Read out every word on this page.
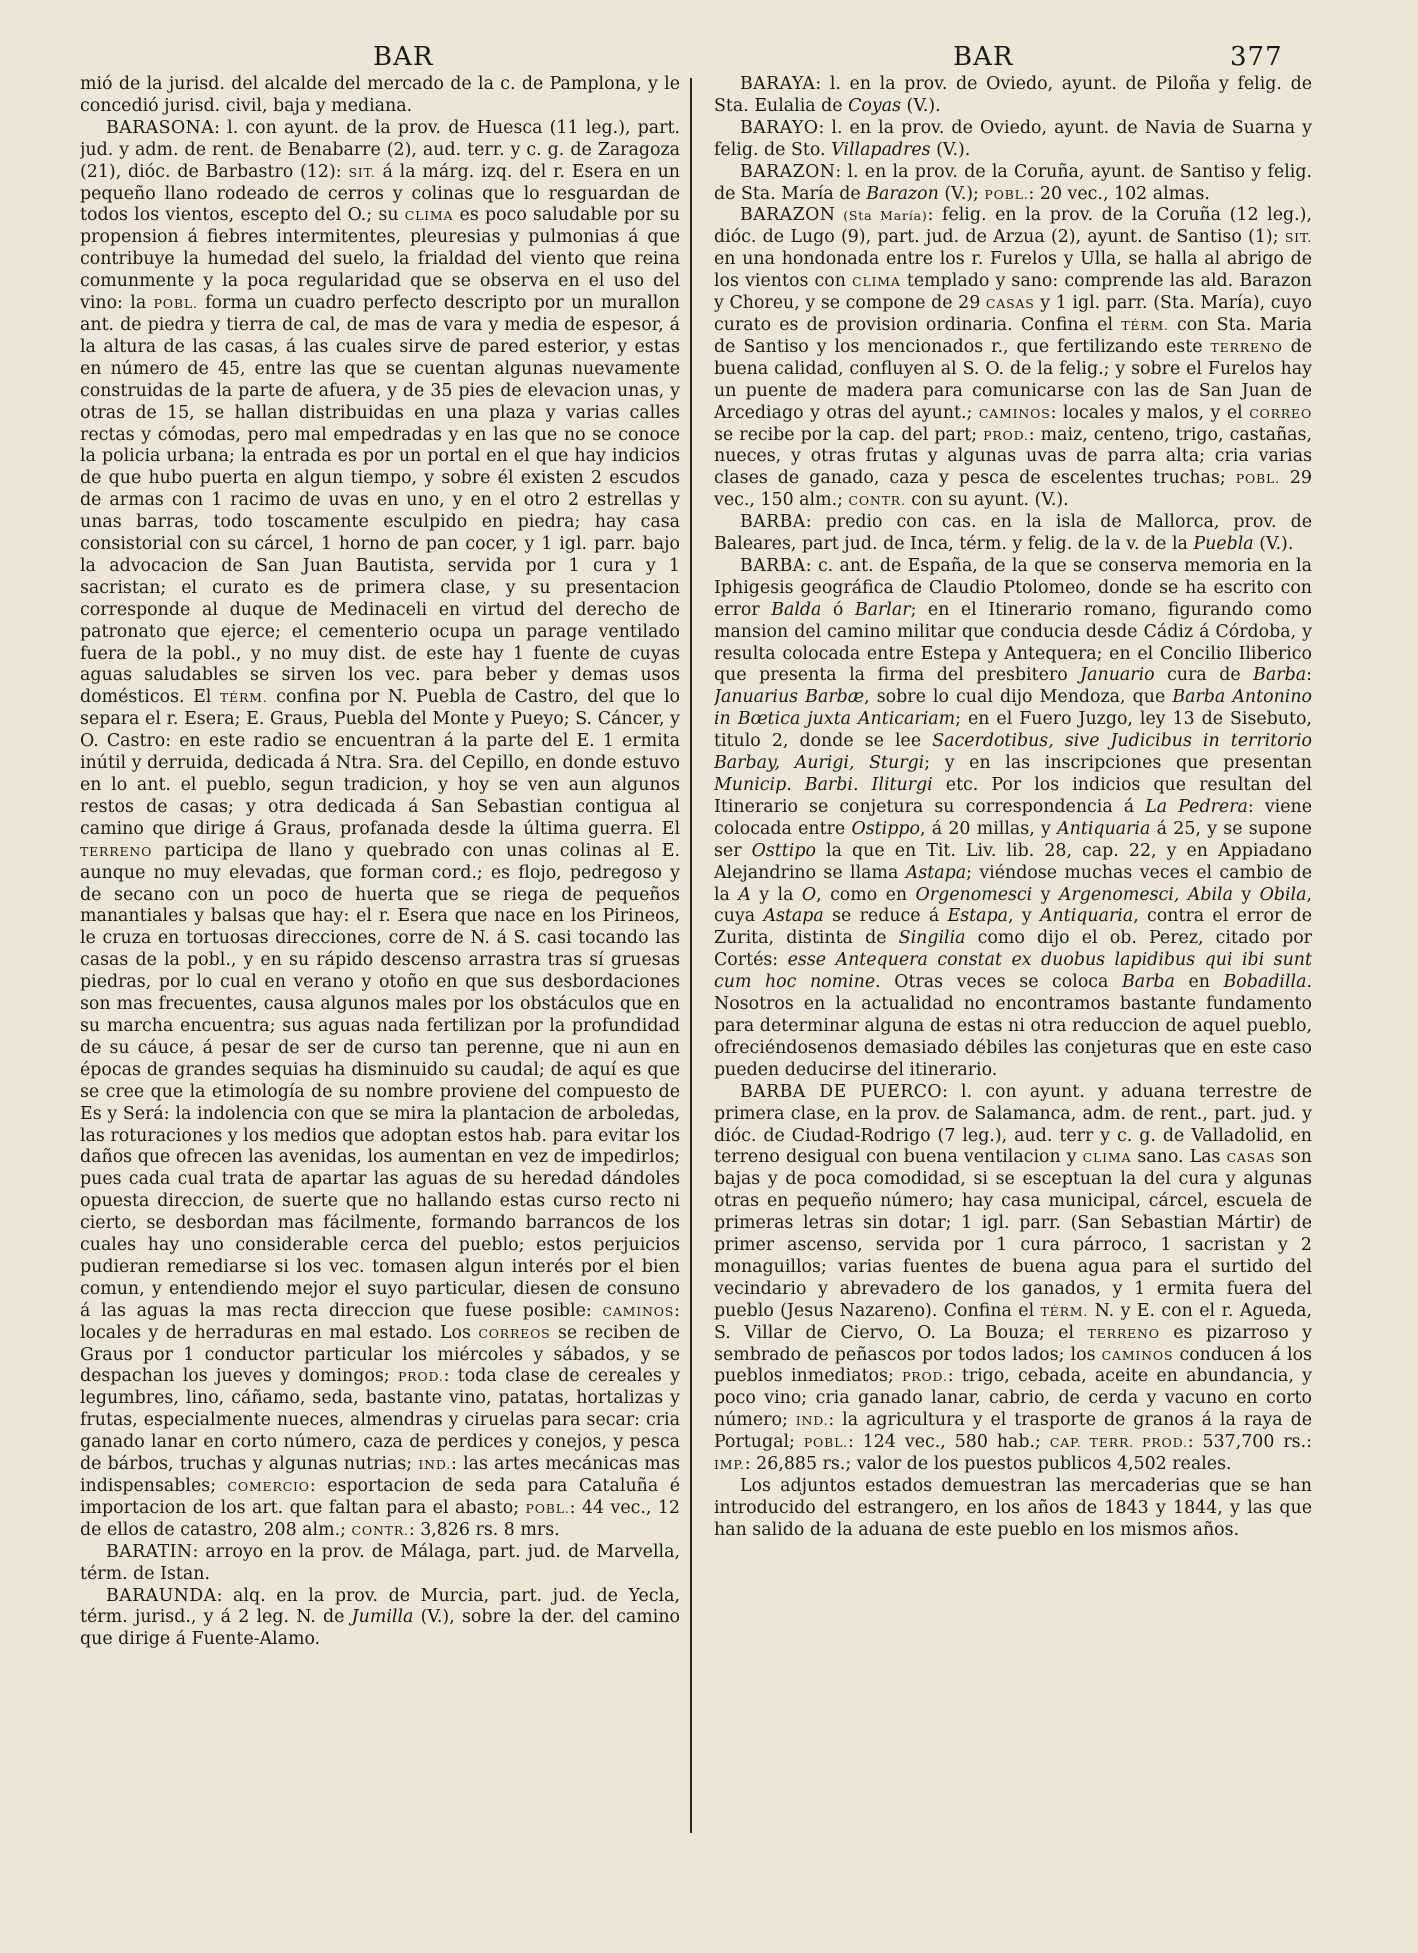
BAR	BAR	377

mió de la jurisd. del alcalde del mercado de la c. de Pamplona, y le concedió jurisd. civil, baja y mediana.

BARASONA: l. con ayunt. de la prov. de Huesca (11 leg.), part. jud. y adm. de rent. de Benabarre (2), aud. terr. y c. g. de Zaragoza (21), dióc. de Barbastro (12): SIT. á la márg. izq. del r. Esera en un pequeño llano rodeado de cerros y colinas que lo resguardan de todos los vientos, escepto del O.; su CLIMA es poco saludable por su propension á fiebres intermitentes, pleuresias y pulmonias á que contribuye la humedad del suelo, la frialdad del viento que reina comunmente y la poca regularidad que se observa en el uso del vino: la POBL. forma un cuadro perfecto descripto por un murallon ant. de piedra y tierra de cal, de mas de vara y media de espesor, á la altura de las casas, á las cuales sirve de pared esterior, y estas en número de 45, entre las que se cuentan algunas nuevamente construidas de la parte de afuera, y de 35 pies de elevacion unas, y otras de 15, se hallan distribuidas en una plaza y varias calles rectas y cómodas, pero mal empedradas y en las que no se conoce la policia urbana; la entrada es por un portal en el que hay indicios de que hubo puerta en algun tiempo, y sobre él existen 2 escudos de armas con 1 racimo de uvas en uno, y en el otro 2 estrellas y unas barras, todo toscamente esculpido en piedra; hay casa consistorial con su cárcel, 1 horno de pan cocer, y 1 igl. parr. bajo la advocacion de San Juan Bautista, servida por 1 cura y 1 sacristan; el curato es de primera clase, y su presentacion corresponde al duque de Medinaceli en virtud del derecho de patronato que ejerce; el cementerio ocupa un parage ventilado fuera de la pobl., y no muy dist. de este hay 1 fuente de cuyas aguas saludables se sirven los vec. para beber y demas usos domésticos. El TÉRM. confina por N. Puebla de Castro, del que lo separa el r. Esera; E. Graus, Puebla del Monte y Pueyo; S. Cáncer, y O. Castro: en este radio se encuentran á la parte del E. 1 ermita inútil y derruida, dedicada á Ntra. Sra. del Cepillo, en donde estuvo en lo ant. el pueblo, segun tradicion, y hoy se ven aun algunos restos de casas; y otra dedicada á San Sebastian contigua al camino que dirige á Graus, profanada desde la última guerra. El TERRENO participa de llano y quebrado con unas colinas al E. aunque no muy elevadas, que forman cord.; es flojo, pedregoso y de secano con un poco de huerta que se riega de pequeños manantiales y balsas que hay: el r. Esera que nace en los Pirineos, le cruza en tortuosas direcciones, corre de N. á S. casi tocando las casas de la pobl., y en su rápido descenso arrastra tras sí gruesas piedras, por lo cual en verano y otoño en que sus desbordaciones son mas frecuentes, causa algunos males por los obstáculos que en su marcha encuentra; sus aguas nada fertilizan por la profundidad de su cáuce, á pesar de ser de curso tan perenne, que ni aun en épocas de grandes sequias ha disminuido su caudal; de aquí es que se cree que la etimología de su nombre proviene del compuesto de Es y Será: la indolencia con que se mira la plantacion de arboledas, las roturaciones y los medios que adoptan estos hab. para evitar los daños que ofrecen las avenidas, los aumentan en vez de impedirlos; pues cada cual trata de apartar las aguas de su heredad dándoles opuesta direccion, de suerte que no hallando estas curso recto ni cierto, se desbordan mas fácilmente, formando barrancos de los cuales hay uno considerable cerca del pueblo; estos perjuicios pudieran remediarse si los vec. tomasen algun interés por el bien comun, y entendiendo mejor el suyo particular, diesen de consuno á las aguas la mas recta direccion que fuese posible: CAMINOS: locales y de herraduras en mal estado. Los CORREOS se reciben de Graus por 1 conductor particular los miércoles y sábados, y se despachan los jueves y domingos; PROD.: toda clase de cereales y legumbres, lino, cáñamo, seda, bastante vino, patatas, hortalizas y frutas, especialmente nueces, almendras y ciruelas para secar: cria ganado lanar en corto número, caza de perdices y conejos, y pesca de bárbos, truchas y algunas nutrias; IND.: las artes mecánicas mas indispensables; COMERCIO: esportacion de seda para Cataluña é importacion de los art. que faltan para el abasto; POBL.: 44 vec., 12 de ellos de catastro, 208 alm.; CONTR.: 3,826 rs. 8 mrs.

BARATIN: arroyo en la prov. de Málaga, part. jud. de Marvella, térm. de Istan.

BARAUNDA: alq. en la prov. de Murcia, part. jud. de Yecla, térm. jurisd., y á 2 leg. N. de Jumilla (V.), sobre la der. del camino que dirige á Fuente-Alamo.

BARAYA: l. en la prov. de Oviedo, ayunt. de Piloña y felig. de Sta. Eulalia de Coyas (V.).

BARAYO: l. en la prov. de Oviedo, ayunt. de Navia de Suarna y felig. de Sto. Villapadres (V.).

BARAZON: l. en la prov. de la Coruña, ayunt. de Santiso y felig. de Sta. María de Barazon (V.); POBL.: 20 vec., 102 almas.

BARAZON (Sta María): felig. en la prov. de la Coruña (12 leg.), dióc. de Lugo (9), part. jud. de Arzua (2), ayunt. de Santiso (1); SIT. en una hondonada entre los r. Furelos y Ulla, se halla al abrigo de los vientos con CLIMA templado y sano: comprende las ald. Barazon y Choreu, y se compone de 29 CASAS y 1 igl. parr. (Sta. María), cuyo curato es de provision ordinaria. Confina el TÉRM. con Sta. Maria de Santiso y los mencionados r., que fertilizando este TERRENO de buena calidad, confluyen al S. O. de la felig.; y sobre el Furelos hay un puente de madera para comunicarse con las de San Juan de Arcediago y otras del ayunt.; CAMINOS: locales y malos, y el CORREO se recibe por la cap. del part; PROD.: maiz, centeno, trigo, castañas, nueces, y otras frutas y algunas uvas de parra alta; cria varias clases de ganado, caza y pesca de escelentes truchas; POBL. 29 vec., 150 alm.; CONTR. con su ayunt. (V.).

BARBA: predio con cas. en la isla de Mallorca, prov. de Baleares, part jud. de Inca, térm. y felig. de la v. de la Puebla (V.).

BARBA: c. ant. de España, de la que se conserva memoria en la Iphigesis geográfica de Claudio Ptolomeo, donde se ha escrito con error Balda ó Barlar; en el Itinerario romano, figurando como mansion del camino militar que conducia desde Cádiz á Córdoba, y resulta colocada entre Estepa y Antequera; en el Concilio Iliberico que presenta la firma del presbitero Januario cura de Barba: Januarius Barbæ, sobre lo cual dijo Mendoza, que Barba Antonino in Bœtica juxta Anticariam; en el Fuero Juzgo, ley 13 de Sisebuto, titulo 2, donde se lee Sacerdotibus, sive Judicibus in territorio Barbay, Aurigi, Sturgi; y en las inscripciones que presentan Municip. Barbi. Iliturgi etc. Por los indicios que resultan del Itinerario se conjetura su correspondencia á La Pedrera: viene colocada entre Ostippo, á 20 millas, y Antiquaria á 25, y se supone ser Osttipo la que en Tit. Liv. lib. 28, cap. 22, y en Appiadano Alejandrino se llama Astapa; viéndose muchas veces el cambio de la A y la O, como en Orgenomesci y Argenomesci, Abila y Obila, cuya Astapa se reduce á Estapa, y Antiquaria, contra el error de Zurita, distinta de Singilia como dijo el ob. Perez, citado por Cortés: esse Antequera constat ex duobus lapidibus qui ibi sunt cum hoc nomine. Otras veces se coloca Barba en Bobadilla. Nosotros en la actualidad no encontramos bastante fundamento para determinar alguna de estas ni otra reduccion de aquel pueblo, ofreciéndosenos demasiado débiles las conjeturas que en este caso pueden deducirse del itinerario.

BARBA DE PUERCO: l. con ayunt. y aduana terrestre de primera clase, en la prov. de Salamanca, adm. de rent., part. jud. y dióc. de Ciudad-Rodrigo (7 leg.), aud. terr y c. g. de Valladolid, en terreno desigual con buena ventilacion y CLIMA sano. Las CASAS son bajas y de poca comodidad, si se esceptuan la del cura y algunas otras en pequeño número; hay casa municipal, cárcel, escuela de primeras letras sin dotar; 1 igl. parr. (San Sebastian Mártir) de primer ascenso, servida por 1 cura párroco, 1 sacristan y 2 monaguillos; varias fuentes de buena agua para el surtido del vecindario y abrevadero de los ganados, y 1 ermita fuera del pueblo (Jesus Nazareno). Confina el TÉRM. N. y E. con el r. Agueda, S. Villar de Ciervo, O. La Bouza; el TERRENO es pizarroso y sembrado de peñascos por todos lados; los CAMINOS conducen á los pueblos inmediatos; PROD.: trigo, cebada, aceite en abundancia, y poco vino; cria ganado lanar, cabrio, de cerda y vacuno en corto número; IND.: la agricultura y el trasporte de granos á la raya de Portugal; POBL.: 124 vec., 580 hab.; CAP. TERR. PROD.: 537,700 rs.: IMP.: 26,885 rs.; valor de los puestos publicos 4,502 reales.

Los adjuntos estados demuestran las mercaderias que se han introducido del estrangero, en los años de 1843 y 1844, y las que han salido de la aduana de este pueblo en los mismos años.
